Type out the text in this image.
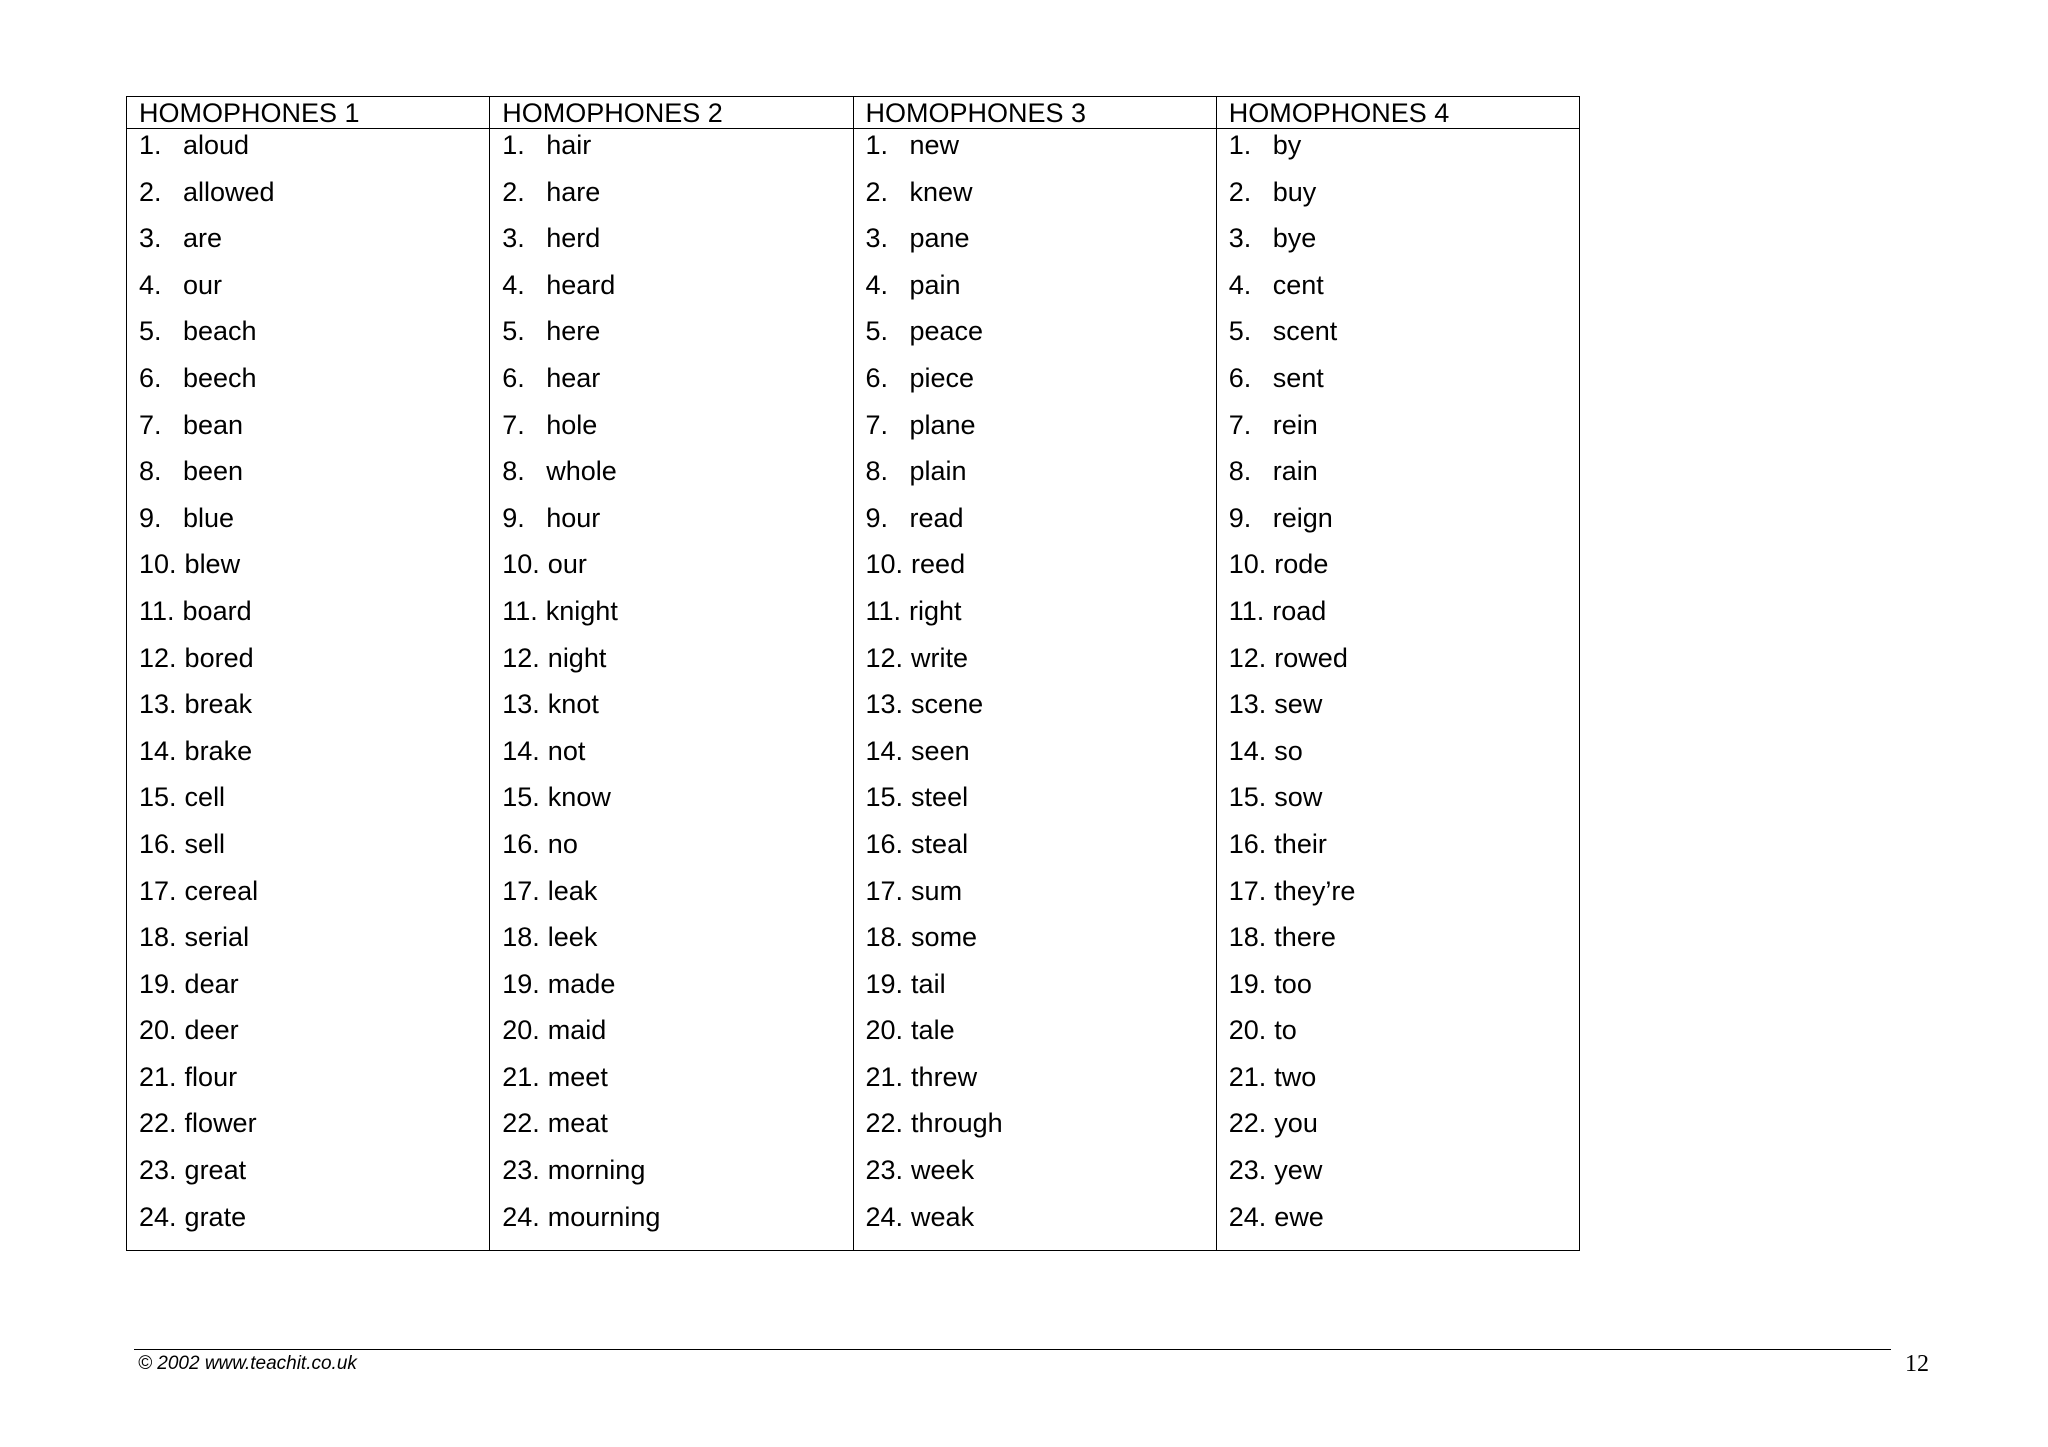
HOMOPHONES 1
1. aloud
2. allowed
3. are
4. our
5. beach
6. beech
7. bean
8. been
9. blue
10. blew
11. board
12. bored
13. break
14. brake
15. cell
16. sell
17. cereal
18. serial
19. dear
20. deer
21. flour
22. flower
23. great
24. grate
HOMOPHONES 2
1. hair
2. hare
3. herd
4. heard
5. here
6. hear
7. hole
8. whole
9. hour
10. our
11. knight
12. night
13. knot
14. not
15. know
16. no
17. leak
18. leek
19. made
20. maid
21. meet
22. meat
23. morning
24. mourning
HOMOPHONES 3
1. new
2. knew
3. pane
4. pain
5. peace
6. piece
7. plane
8. plain
9. read
10. reed
11. right
12. write
13. scene
14. seen
15. steel
16. steal
17. sum
18. some
19. tail
20. tale
21. threw
22. through
23. week
24. weak
HOMOPHONES 4
1. by
2. buy
3. bye
4. cent
5. scent
6. sent
7. rein
8. rain
9. reign
10. rode
11. road
12. rowed
13. sew
14. so
15. sow
16. their
17. they’re
18. there
19. too
20. to
21. two
22. you
23. yew
24. ewe
© 2002 www.teachit.co.uk	12
